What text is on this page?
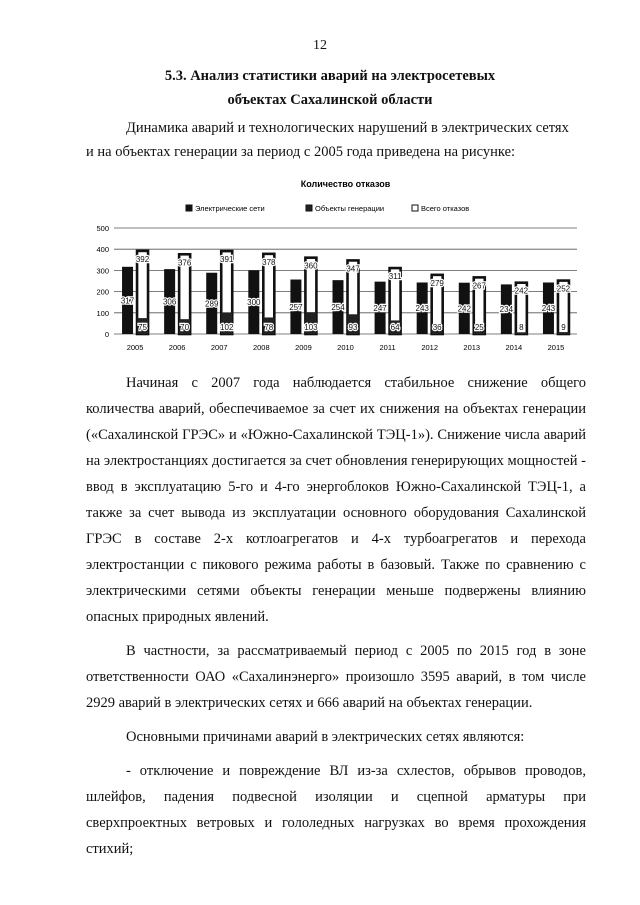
12
5.3. Анализ статистики аварий на электросетевых
объектах Сахалинской области
Динамика аварий и технологических нарушений в электрических сетях
и на объектах генерации за период с 2005 года приведена на рисунке:
Количество отказов
Электрические сети	Объекты генерации	Всего отказов
0
100
200
300
400
500
317
392
75
2005
306
376
70
2006
289
391
102
2007
300
378
78
2008
257
360
103
2009
254
347
93
2010
247
311
64
2011
243
279
36
2012
242
267
25
2013
234
242
8
2014
243
252
9
2015

Начиная с 2007 года наблюдается стабильное снижение общего количества аварий, обеспечиваемое за счет их снижения на объектах генерации («Сахалинской ГРЭС» и «Южно-Сахалинской ТЭЦ-1»). Снижение числа аварий на электростанциях достигается за счет обновления генерирующих мощностей - ввод в эксплуатацию 5-го и 4-го энергоблоков Южно-Сахалинской ТЭЦ-1, а также за счет вывода из эксплуатации основного оборудования Сахалинской ГРЭС в составе 2-х котлоагрегатов и 4-х турбоагрегатов и перехода электростанции с пикового режима работы в базовый. Также по сравнению с электрическими сетями объекты генерации меньше подвержены влиянию опасных природных явлений.

В частности, за рассматриваемый период с 2005 по 2015 год в зоне ответственности ОАО «Сахалинэнерго» произошло 3595 аварий, в том числе 2929 аварий в электрических сетях и 666 аварий на объектах генерации.

Основными причинами аварий в электрических сетях являются:

- отключение и повреждение ВЛ из-за схлестов, обрывов проводов, шлейфов, падения подвесной изоляции и сцепной арматуры при сверхпроектных ветровых и гололедных нагрузках во время прохождения стихий;
